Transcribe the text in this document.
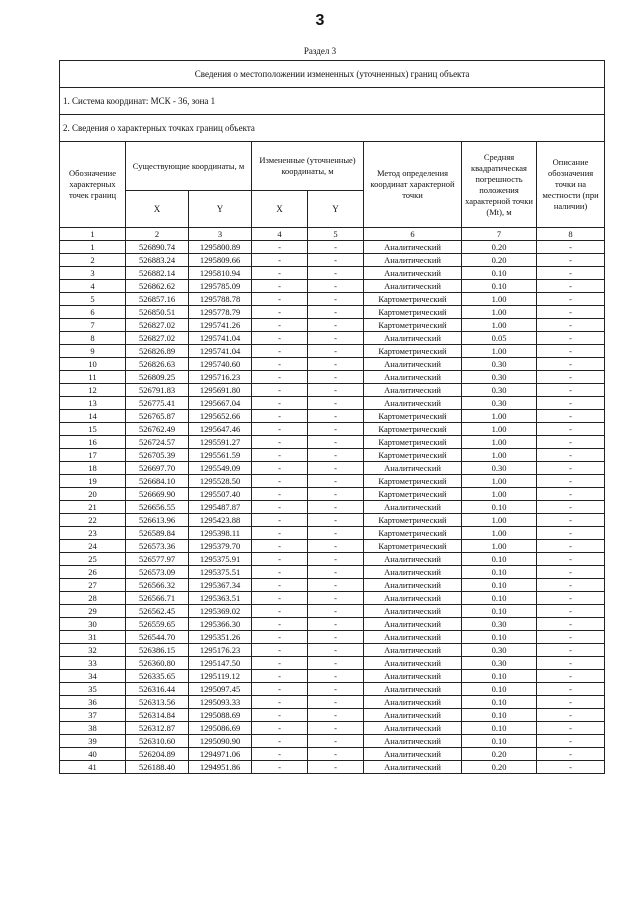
3
Раздел 3
Сведения о местоположении измененных (уточненных) границ объекта							
1. Система координат: МСК - 36, зона 1							
2. Сведения о характерных точках границ объекта							
Обозначение характерных точек границ	Существующие координаты, м		Измененные (уточненные) координаты, м		Метод определения координат характерной точки	Средняя квадратическая погрешность положения характерной точки (Mt), м	Описание обозначения точки на местности (при наличии)
	X	Y	X	Y			
1	2	3	4	5	6	7	8
1	526890.74	1295800.89	-	-	Аналитический	0.20	-
2	526883.24	1295809.66	-	-	Аналитический	0.20	-
3	526882.14	1295810.94	-	-	Аналитический	0.10	-
4	526862.62	1295785.09	-	-	Аналитический	0.10	-
5	526857.16	1295788.78	-	-	Картометрический	1.00	-
6	526850.51	1295778.79	-	-	Картометрический	1.00	-
7	526827.02	1295741.26	-	-	Картометрический	1.00	-
8	526827.02	1295741.04	-	-	Аналитический	0.05	-
9	526826.89	1295741.04	-	-	Картометрический	1.00	-
10	526826.63	1295740.60	-	-	Аналитический	0.30	-
11	526809.25	1295716.23	-	-	Аналитический	0.30	-
12	526791.83	1295691.80	-	-	Аналитический	0.30	-
13	526775.41	1295667.04	-	-	Аналитический	0.30	-
14	526765.87	1295652.66	-	-	Картометрический	1.00	-
15	526762.49	1295647.46	-	-	Картометрический	1.00	-
16	526724.57	1295591.27	-	-	Картометрический	1.00	-
17	526705.39	1295561.59	-	-	Картометрический	1.00	-
18	526697.70	1295549.09	-	-	Аналитический	0.30	-
19	526684.10	1295528.50	-	-	Картометрический	1.00	-
20	526669.90	1295507.40	-	-	Картометрический	1.00	-
21	526656.55	1295487.87	-	-	Аналитический	0.10	-
22	526613.96	1295423.88	-	-	Картометрический	1.00	-
23	526589.84	1295398.11	-	-	Картометрический	1.00	-
24	526573.36	1295379.70	-	-	Картометрический	1.00	-
25	526577.97	1295375.91	-	-	Аналитический	0.10	-
26	526573.09	1295375.51	-	-	Аналитический	0.10	-
27	526566.32	1295367.34	-	-	Аналитический	0.10	-
28	526566.71	1295363.51	-	-	Аналитический	0.10	-
29	526562.45	1295369.02	-	-	Аналитический	0.10	-
30	526559.65	1295366.30	-	-	Аналитический	0.30	-
31	526544.70	1295351.26	-	-	Аналитический	0.10	-
32	526386.15	1295176.23	-	-	Аналитический	0.30	-
33	526360.80	1295147.50	-	-	Аналитический	0.30	-
34	526335.65	1295119.12	-	-	Аналитический	0.10	-
35	526316.44	1295097.45	-	-	Аналитический	0.10	-
36	526313.56	1295093.33	-	-	Аналитический	0.10	-
37	526314.84	1295088.69	-	-	Аналитический	0.10	-
38	526312.87	1295086.69	-	-	Аналитический	0.10	-
39	526310.60	1295090.90	-	-	Аналитический	0.10	-
40	526204.89	1294971.06	-	-	Аналитический	0.20	-
41	526188.40	1294951.86	-	-	Аналитический	0.20	-
